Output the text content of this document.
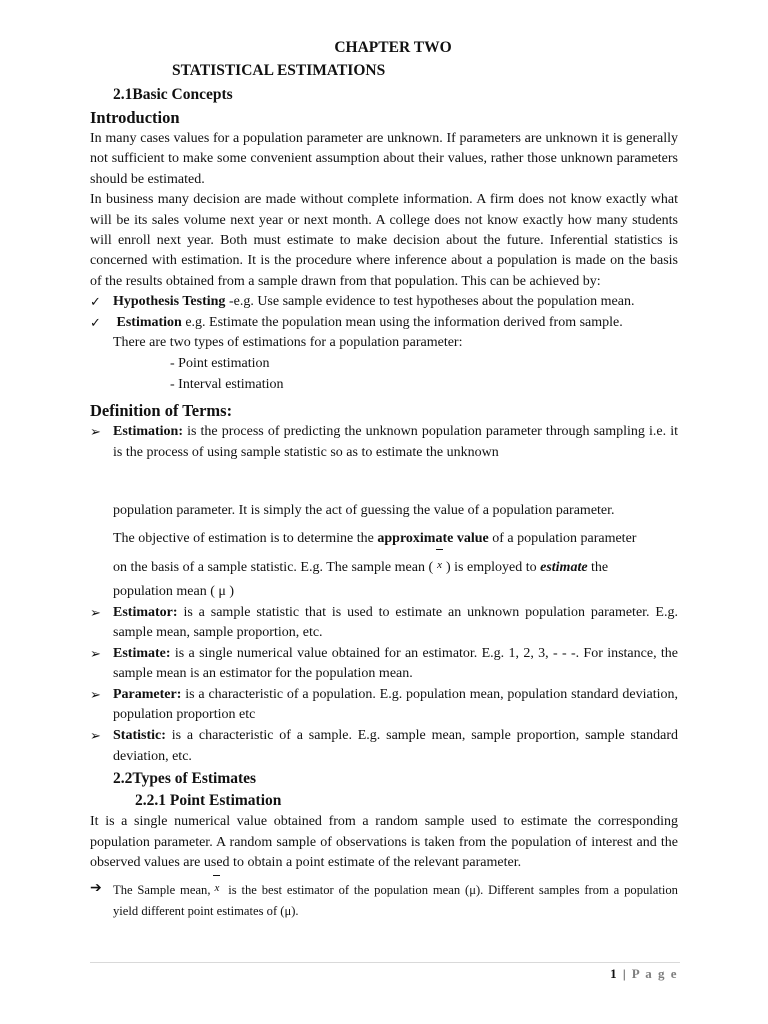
CHAPTER TWO
STATISTICAL ESTIMATIONS
2.1Basic Concepts
Introduction

In many cases values for a population parameter are unknown. If parameters are unknown it is generally not sufficient to make some convenient assumption about their values, rather those unknown parameters should be estimated.

In business many decision are made without complete information. A firm does not know exactly what will be its sales volume next year or next month. A college does not know exactly how many students will enroll next year. Both must estimate to make decision about the future. Inferential statistics is concerned with estimation. It is the procedure where inference about a population is made on the basis of the results obtained from a sample drawn from that population. This can be achieved by:

✓ Hypothesis Testing -e.g. Use sample evidence to test hypotheses about the population mean.
✓	Estimation e.g. Estimate the population mean using the information derived from sample.
There are two types of estimations for a population parameter:
- Point estimation
- Interval estimation
Definition of Terms:
➢ Estimation: is the process of predicting the unknown population parameter through sampling i.e. it is the process of using sample statistic so as to estimate the unknown
population parameter. It is simply the act of guessing the value of a population parameter.
The objective of estimation is to determine the approximate value of a population parameter
on the basis of a sample statistic. E.g. The sample mean ( x ) is employed to estimate the
population mean ( μ )
➢ Estimator: is a sample statistic that is used to estimate an unknown population parameter. E.g. sample mean, sample proportion, etc.
➢ Estimate: is a single numerical value obtained for an estimator. E.g. 1, 2, 3, - - -. For instance, the sample mean is an estimator for the population mean.
➢ Parameter: is a characteristic of a population. E.g. population mean, population standard deviation, population proportion etc
➢ Statistic: is a characteristic of a sample. E.g. sample mean, sample proportion, sample standard deviation, etc.
2.2Types of Estimates
2.2.1 Point Estimation

It is a single numerical value obtained from a random sample used to estimate the corresponding population parameter. A random sample of observations is taken from the population of interest and the observed values are used to obtain a point estimate of the relevant parameter.

➔ The Sample mean, x is the best estimator of the population mean (μ). Different samples from a population yield different point estimates of (μ).
1 | P a g e
